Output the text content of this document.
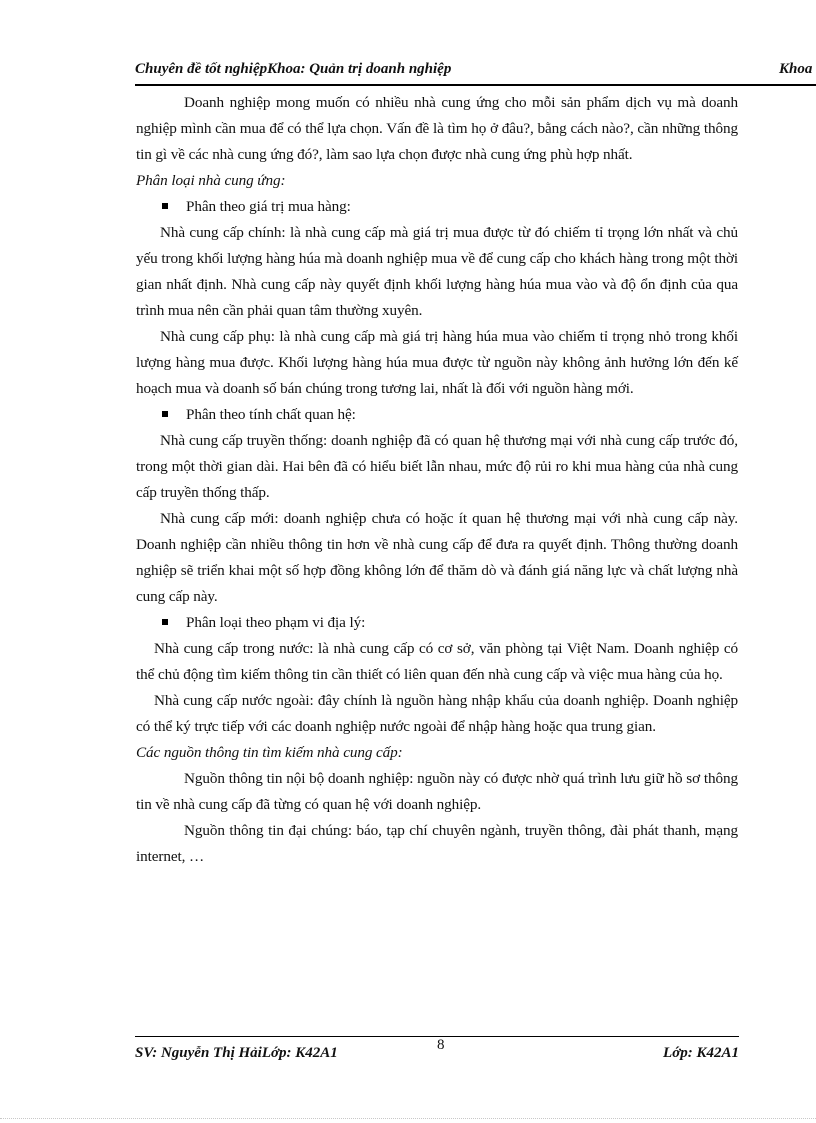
Chuyên đề tốt nghiệpKhoa: Quản trị doanh nghiệp	Khoa

Doanh nghiệp mong muốn có nhiều nhà cung ứng cho mỗi sản phẩm dịch vụ mà doanh nghiệp mình cần mua để có thể lựa chọn. Vấn đề là tìm họ ở đâu?, bằng cách nào?, cần những thông tin gì về các nhà cung ứng đó?, làm sao lựa chọn được nhà cung ứng phù hợp nhất.

Phân loại nhà cung ứng:

Phân theo giá trị mua hàng:

Nhà cung cấp chính: là nhà cung cấp mà giá trị mua được từ đó chiếm tỉ trọng lớn nhất và chủ yếu trong khối lượng hàng húa mà doanh nghiệp mua về để cung cấp cho khách hàng trong một thời gian nhất định. Nhà cung cấp này quyết định khối lượng hàng húa mua vào và độ ổn định của qua trình mua nên cần phải quan tâm thường xuyên.

Nhà cung cấp phụ: là nhà cung cấp mà giá trị hàng húa mua vào chiếm tỉ trọng nhỏ trong khối lượng hàng mua được. Khối lượng hàng húa mua được từ nguồn này không ảnh hưởng lớn đến kế hoạch mua và doanh số bán chúng trong tương lai, nhất là đối với nguồn hàng mới.

Phân theo tính chất quan hệ:

Nhà cung cấp truyền thống: doanh nghiệp đã có quan hệ thương mại với nhà cung cấp trước đó, trong một thời gian dài. Hai bên đã có hiểu biết lẫn nhau, mức độ rủi ro khi mua hàng của nhà cung cấp truyền thống thấp.

Nhà cung cấp mới: doanh nghiệp chưa có hoặc ít quan hệ thương mại với nhà cung cấp này. Doanh nghiệp cần nhiều thông tin hơn về nhà cung cấp để đưa ra quyết định. Thông thường doanh nghiệp sẽ triển khai một số hợp đồng không lớn để thăm dò và đánh giá năng lực và chất lượng nhà cung cấp này.

Phân loại theo phạm vi địa lý:

Nhà cung cấp trong nước: là nhà cung cấp có cơ sở, văn phòng tại Việt Nam. Doanh nghiệp có thể chủ động tìm kiếm thông tin cần thiết có liên quan đến nhà cung cấp và việc mua hàng của họ.

Nhà cung cấp nước ngoài: đây chính là nguồn hàng nhập khẩu của doanh nghiệp. Doanh nghiệp có thể ký trực tiếp với các doanh nghiệp nước ngoài để nhập hàng hoặc qua trung gian.

Các nguồn thông tin tìm kiếm nhà cung cấp:

Nguồn thông tin nội bộ doanh nghiệp: nguồn này có được nhờ quá trình lưu giữ hồ sơ thông tin về nhà cung cấp đã từng có quan hệ với doanh nghiệp.

Nguồn thông tin đại chúng: báo, tạp chí chuyên ngành, truyền thông, đài phát thanh, mạng internet, …

SV: Nguyễn Thị HảiLớp: K42A1	8	Lớp: K42A1
